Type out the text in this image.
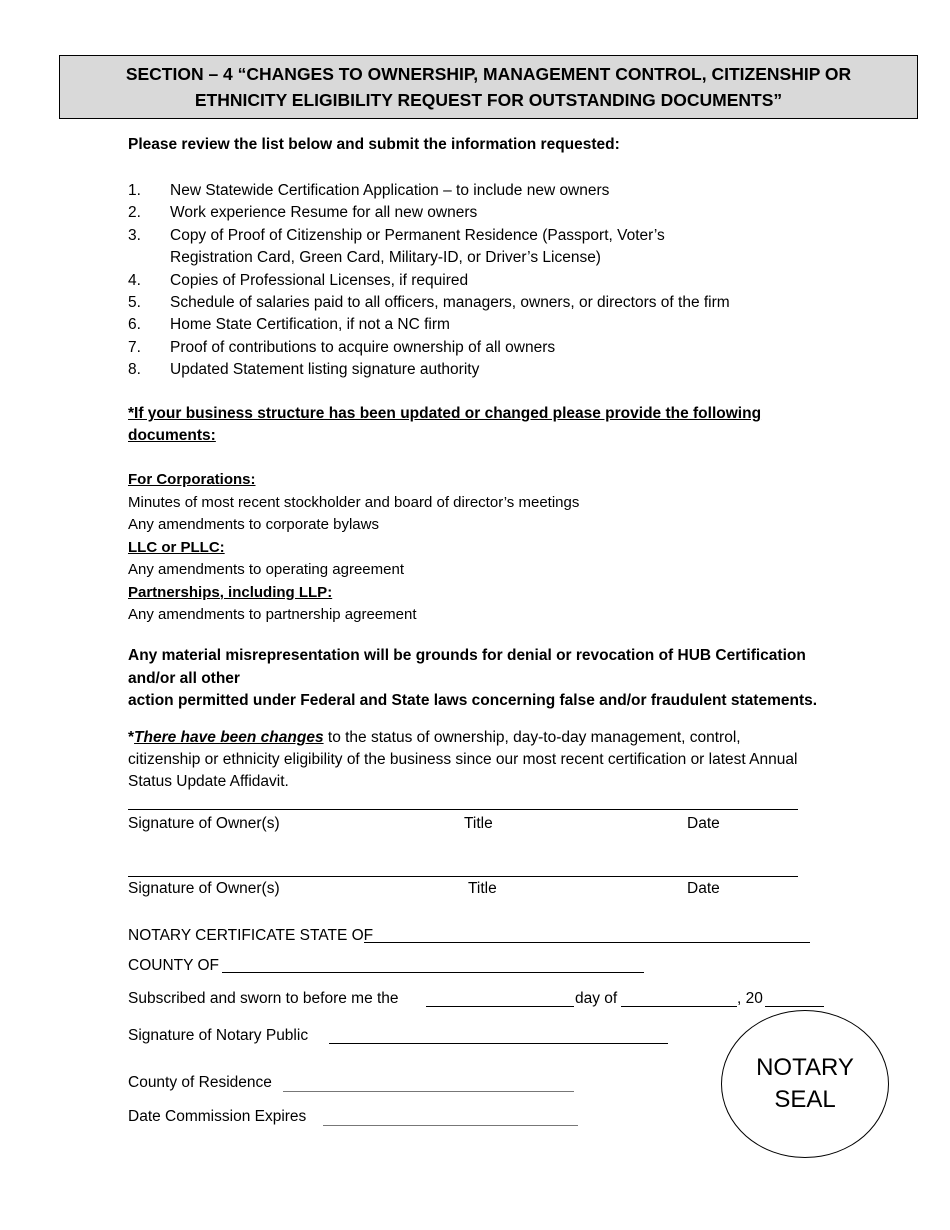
SECTION – 4 “CHANGES TO OWNERSHIP, MANAGEMENT CONTROL, CITIZENSHIP OR
ETHNICITY ELIGIBILITY REQUEST FOR OUTSTANDING DOCUMENTS”
Please review the list below and submit the information requested:
1.	New Statewide Certification Application – to include new owners
2.	Work experience Resume for all new owners
3.	Copy of Proof of Citizenship or Permanent Residence (Passport, Voter’s Registration Card, Green Card, Military-ID, or Driver’s License)
4.	Copies of Professional Licenses, if required
5.	Schedule of salaries paid to all officers, managers, owners, or directors of the firm
6.	Home State Certification, if not a NC firm
7.	Proof of contributions to acquire ownership of all owners
8.	Updated Statement listing signature authority
*If your business structure has been updated or changed please provide the following documents:
For Corporations:
Minutes of most recent stockholder and board of director’s meetings
Any amendments to corporate bylaws
LLC or PLLC:
Any amendments to operating agreement
Partnerships, including LLP:
Any amendments to partnership agreement
Any material misrepresentation will be grounds for denial or revocation of HUB Certification
and/or all other
action permitted under Federal and State laws concerning false and/or fraudulent statements.
*There have been changes to the status of ownership, day-to-day management, control, citizenship or ethnicity eligibility of the business since our most recent certification or latest Annual Status Update Affidavit.
Signature of Owner(s)	Title	Date
Signature of Owner(s)	Title	Date
NOTARY CERTIFICATE STATE OF
COUNTY OF
Subscribed and sworn to before me the	day of	, 20
Signature of Notary Public
County of Residence
Date Commission Expires
NOTARY
SEAL
